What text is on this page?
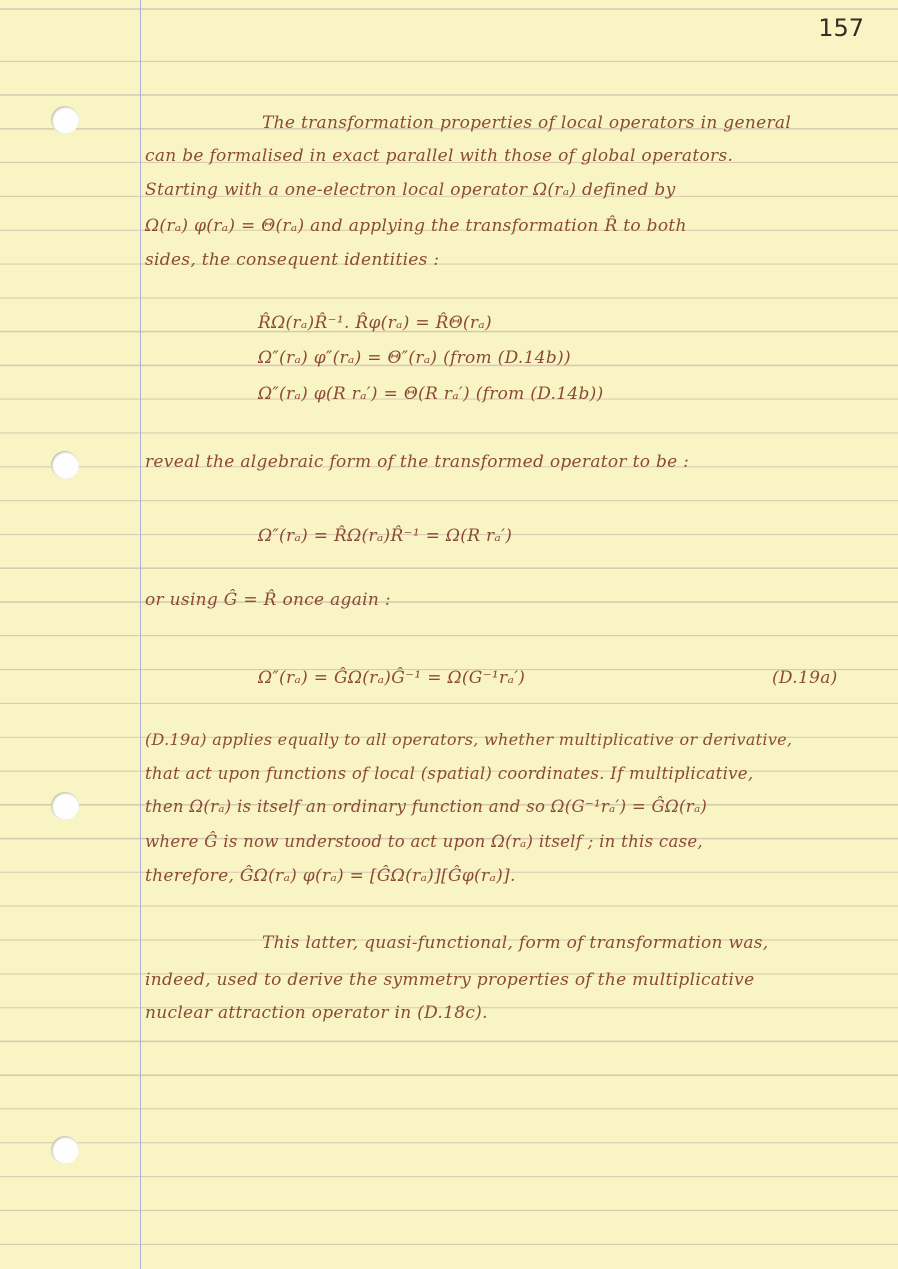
157
The transformation properties of local operators in general
can be formalised in exact parallel with those of global operators.
Starting with a one-electron local operator Ω(rₐ) defined by
Ω(rₐ) φ(rₐ) = Θ(rₐ) and applying the transformation R̂ to both
sides, the consequent identities :
R̂Ω(rₐ)R̂⁻¹. R̂φ(rₐ) = R̂Θ(rₐ)
Ω″(rₐ) φ″(rₐ) = Θ″(rₐ) (from (D.14b))
Ω″(rₐ) φ(R rₐ′) = Θ(R rₐ′) (from (D.14b))
reveal the algebraic form of the transformed operator to be :
Ω″(rₐ) = R̂Ω(rₐ)R̂⁻¹ = Ω(R rₐ′)
or using Ĝ = R̂ once again :
Ω″(rₐ) = ĜΩ(rₐ)Ĝ⁻¹ = Ω(G⁻¹rₐ′)	(D.19a)
(D.19a) applies equally to all operators, whether multiplicative or derivative,
that act upon functions of local (spatial) coordinates. If multiplicative,
then Ω(rₐ) is itself an ordinary function and so Ω(G⁻¹rₐ′) = ĜΩ(rₐ)
where Ĝ is now understood to act upon Ω(rₐ) itself ; in this case,
therefore, ĜΩ(rₐ) φ(rₐ) = [ĜΩ(rₐ)][Ĝφ(rₐ)].
This latter, quasi-functional, form of transformation was,
indeed, used to derive the symmetry properties of the multiplicative
nuclear attraction operator in (D.18c).
